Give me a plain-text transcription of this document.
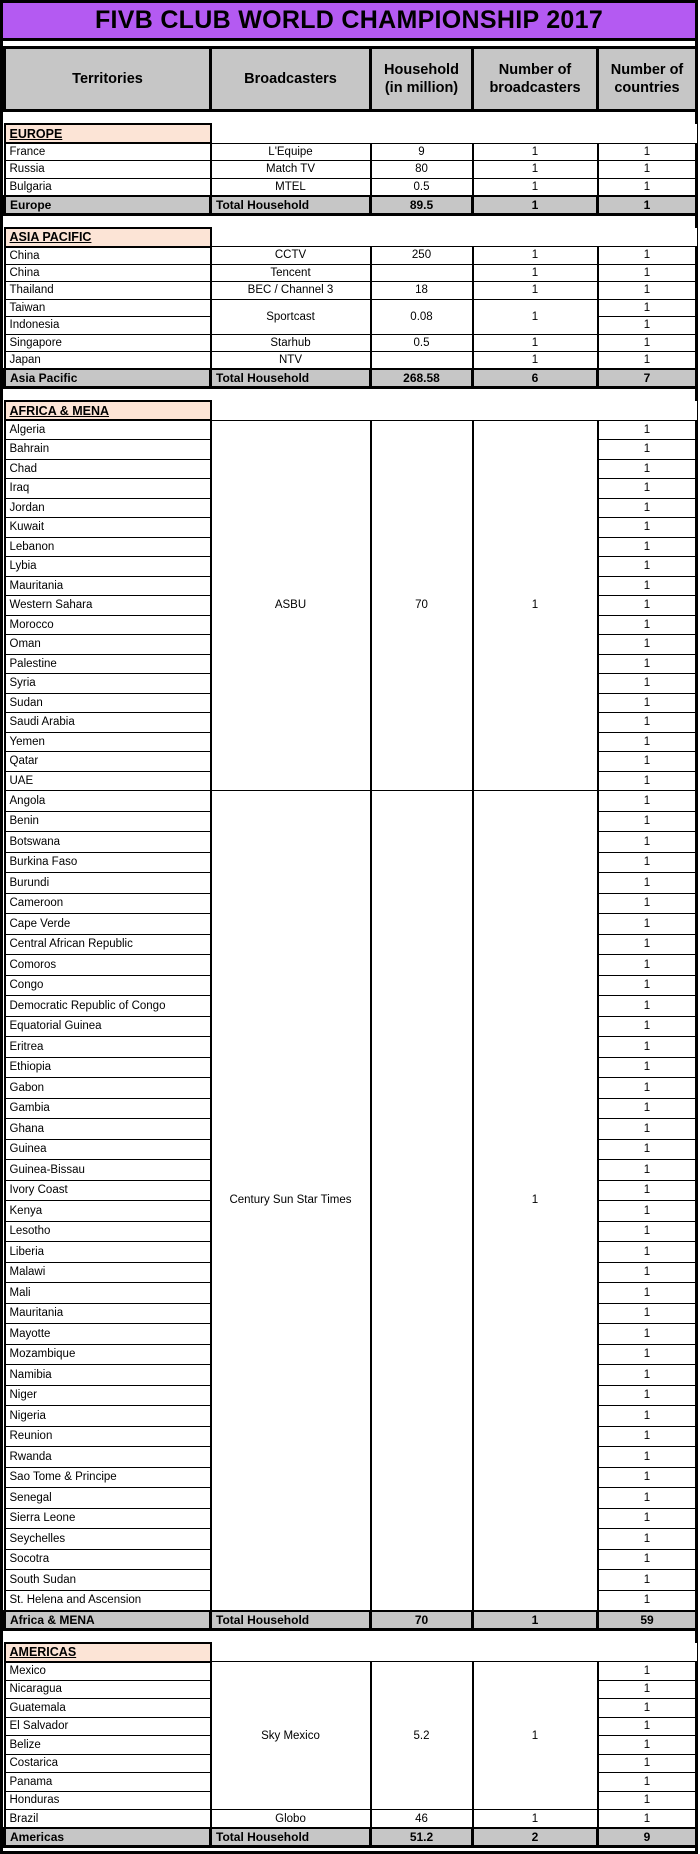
FIVB CLUB WORLD CHAMPIONSHIP 2017
Territories	Broadcasters	Household (in million)	Number of broadcasters	Number of countries
EUROPE				
France	L'Equipe	9	1	1
Russia	Match TV	80	1	1
Bulgaria	MTEL	0.5	1	1
Europe	Total Household	89.5	1	1
ASIA PACIFIC				
China	CCTV	250	1	1
China	Tencent		1	1
Thailand	BEC / Channel 3	18	1	1
Taiwan	Sportcast	0.08	1	1
Indonesia				1
Singapore	Starhub	0.5	1	1
Japan	NTV		1	1
Asia Pacific	Total Household	268.58	6	7
AFRICA & MENA				
Algeria	ASBU	70	1	1
Bahrain				1
Chad				1
Iraq				1
Jordan				1
Kuwait				1
Lebanon				1
Lybia				1
Mauritania				1
Western Sahara				1
Morocco				1
Oman				1
Palestine				1
Syria				1
Sudan				1
Saudi Arabia				1
Yemen				1
Qatar				1
UAE				1
Angola	Century Sun Star Times		1	1
Benin				1
Botswana				1
Burkina Faso				1
Burundi				1
Cameroon				1
Cape Verde				1
Central African Republic				1
Comoros				1
Congo				1
Democratic Republic of Congo				1
Equatorial Guinea				1
Eritrea				1
Ethiopia				1
Gabon				1
Gambia				1
Ghana				1
Guinea				1
Guinea-Bissau				1
Ivory Coast				1
Kenya				1
Lesotho				1
Liberia				1
Malawi				1
Mali				1
Mauritania				1
Mayotte				1
Mozambique				1
Namibia				1
Niger				1
Nigeria				1
Reunion				1
Rwanda				1
Sao Tome & Principe				1
Senegal				1
Sierra Leone				1
Seychelles				1
Socotra				1
South Sudan				1
St. Helena and Ascension				1
Africa & MENA	Total Household	70	1	59
AMERICAS				
Mexico	Sky Mexico	5.2	1	1
Nicaragua				1
Guatemala				1
El Salvador				1
Belize				1
Costarica				1
Panama				1
Honduras				1
Brazil	Globo	46	1	1
Americas	Total Household	51.2	2	9
